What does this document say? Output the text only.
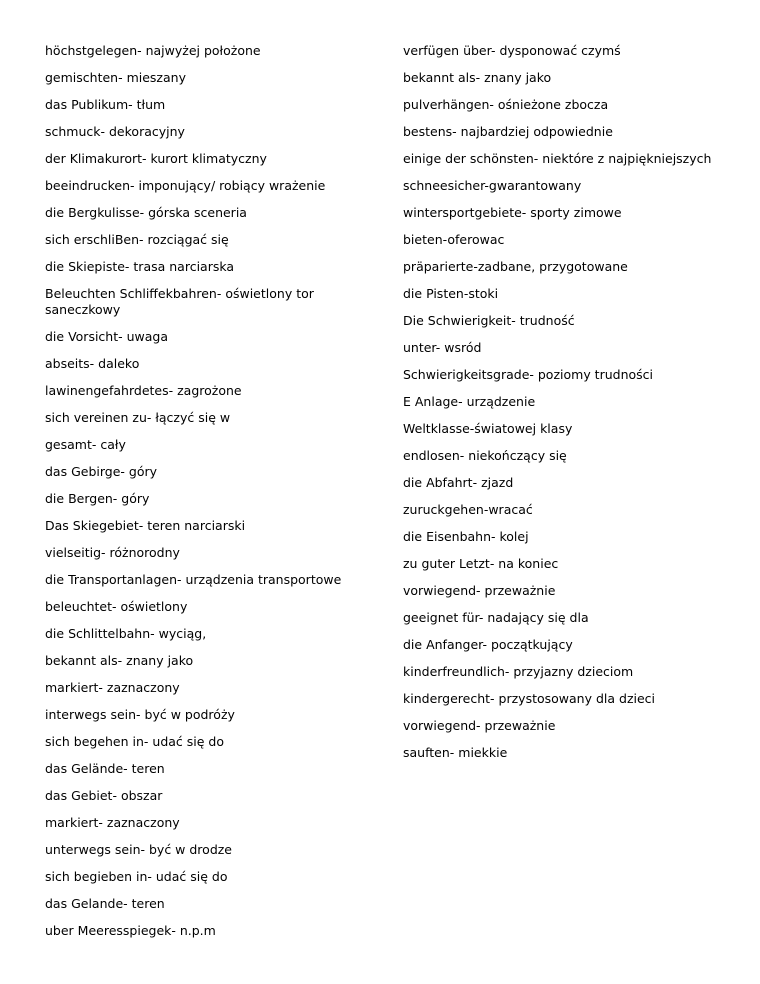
höchstgelegen- najwyżej położone
gemischten- mieszany
das Publikum- tłum
schmuck- dekoracyjny
der Klimakurort- kurort klimatyczny
beeindrucken- imponujący/ robiący wrażenie
die Bergkulisse- górska sceneria
sich erschliBen- rozciągać się
die Skiepiste- trasa narciarska
Beleuchten Schliffekbahren- oświetlony tor saneczkowy
die Vorsicht- uwaga
abseits- daleko
lawinengefahrdetes- zagrożone
sich vereinen zu- łączyć się w
gesamt- cały
das Gebirge- góry
die Bergen- góry
Das Skiegebiet- teren narciarski
vielseitig- różnorodny
die Transportanlagen- urządzenia transportowe
beleuchtet- oświetlony
die Schlittelbahn- wyciąg,
bekannt als- znany jako
markiert- zaznaczony
interwegs sein- być w podróży
sich begehen in- udać się do
das Gelände- teren
das Gebiet- obszar
markiert- zaznaczony
unterwegs sein- być w drodze
sich begieben in- udać się do
das Gelande- teren
uber Meeresspiegek- n.p.m
verfügen über- dysponować czymś
bekannt als- znany jako
pulverhängen- ośnieżone zbocza
bestens- najbardziej odpowiednie
einige der schönsten- niektóre z najpiękniejszych
schneesicher-gwarantowany
wintersportgebiete- sporty zimowe
bieten-oferowac
präparierte-zadbane, przygotowane
die Pisten-stoki
Die Schwierigkeit- trudność
unter- wsród
Schwierigkeitsgrade- poziomy trudności
E Anlage- urządzenie
Weltklasse-światowej klasy
endlosen- niekończący się
die Abfahrt- zjazd
zuruckgehen-wracać
die Eisenbahn- kolej
zu guter Letzt- na koniec
vorwiegend- przeważnie
geeignet für- nadający się dla
die Anfanger- początkujący
kinderfreundlich- przyjazny dzieciom
kindergerecht- przystosowany dla dzieci
vorwiegend- przeważnie
sauften- miekkie
